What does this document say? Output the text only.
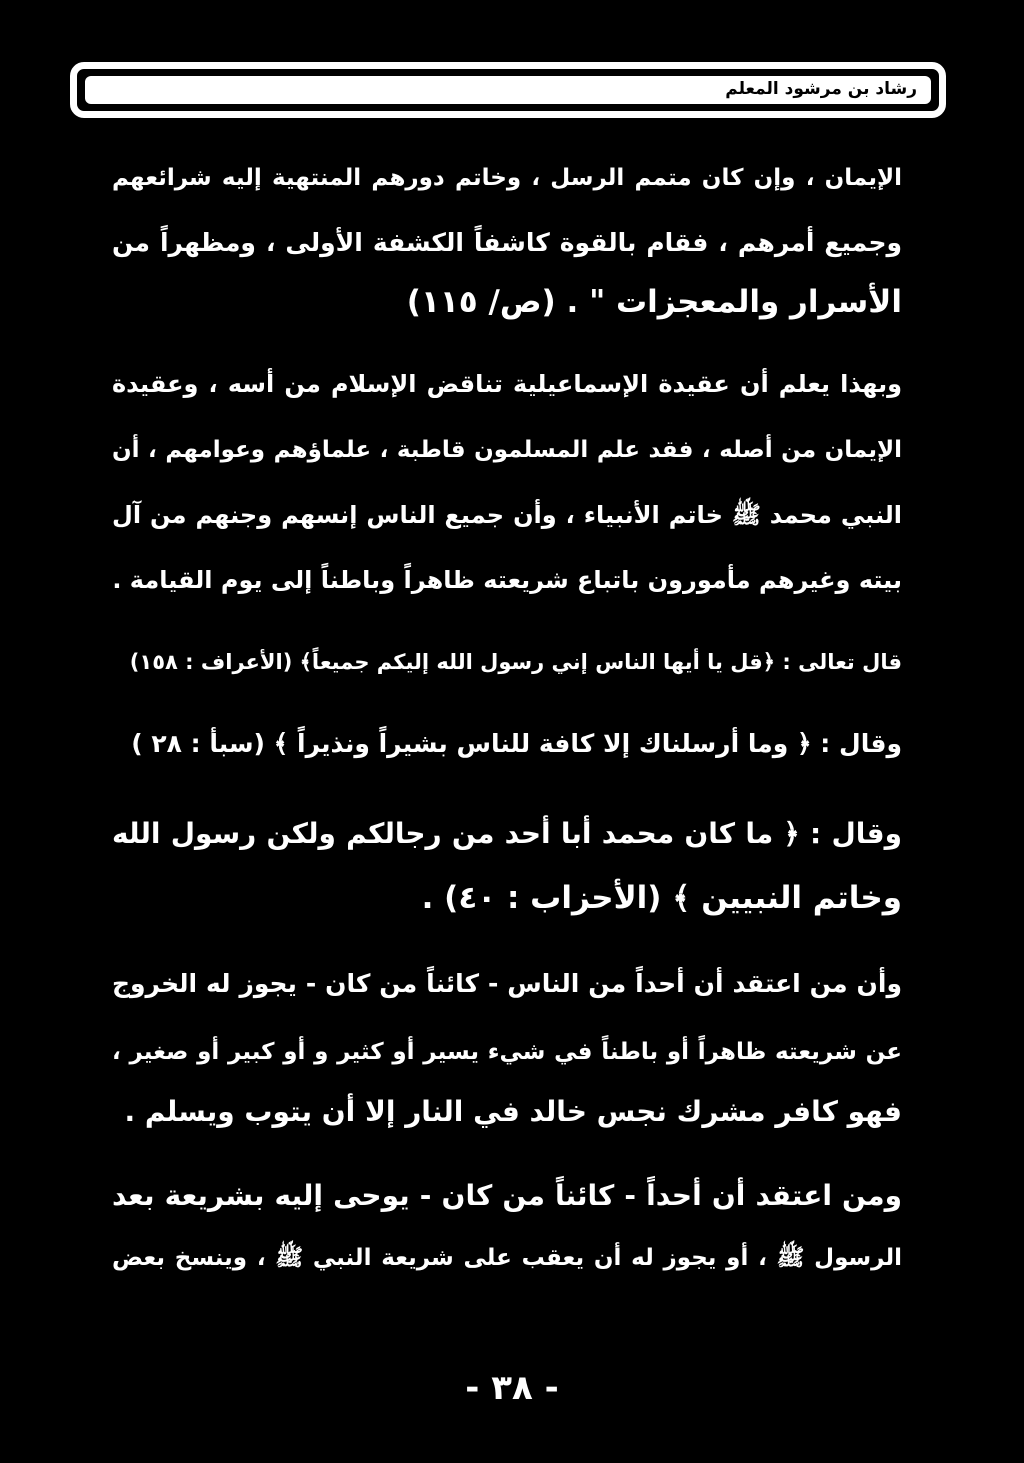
رشاد بن مرشود المعلم
الإيمان ، وإن كان متمم الرسل ، وخاتم دورهم المنتهية إليه شرائعهم
وجميع أمرهم ، فقام بالقوة كاشفاً الكشفة الأولى ، ومظهراً من
الأسرار والمعجزات " . (ص/ ١١٥)
وبهذا يعلم أن عقيدة الإسماعيلية تناقض الإسلام من أسه ، وعقيدة
الإيمان من أصله ، فقد علم المسلمون قاطبة ، علماؤهم وعوامهم ، أن
النبي محمد ﷺ خاتم الأنبياء ، وأن جميع الناس إنسهم وجنهم من آل
بيته وغيرهم مأمورون باتباع شريعته ظاهراً وباطناً إلى يوم القيامة .
قال تعالى : ﴿قل يا أيها الناس إني رسول الله إليكم جميعاً﴾ (الأعراف : ١٥٨)
وقال : ﴿ وما أرسلناك إلا كافة للناس بشيراً ونذيراً ﴾ (سبأ : ٢٨ )
وقال : ﴿ ما كان محمد أبا أحد من رجالكم ولكن رسول الله
وخاتم النبيين ﴾ (الأحزاب : ٤٠) .
وأن من اعتقد أن أحداً من الناس - كائناً من كان - يجوز له الخروج
عن شريعته ظاهراً أو باطناً في شيء يسير أو كثير و أو كبير أو صغير ،
فهو كافر مشرك نجس خالد في النار إلا أن يتوب ويسلم .
ومن اعتقد أن أحداً - كائناً من كان - يوحى إليه بشريعة بعد
الرسول ﷺ ، أو يجوز له أن يعقب على شريعة النبي ﷺ ، وينسخ بعض
- ٣٨ -
